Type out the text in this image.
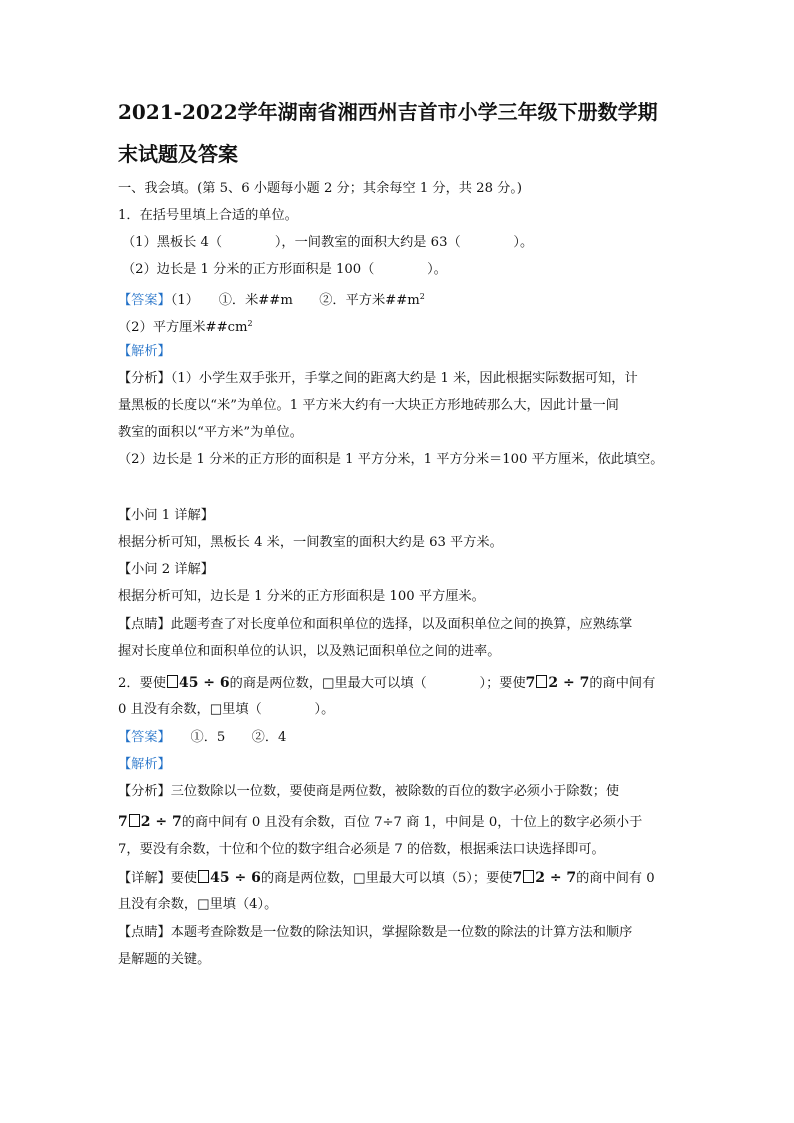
2021-2022学年湖南省湘西州吉首市小学三年级下册数学期
末试题及答案
一、我会填。(第 5、6 小题每小题 2 分；其余每空 1 分，共 28 分。)
1．在括号里填上合适的单位。
（1）黑板长 4（　　　　），一间教室的面积大约是 63（　　　　）。
（2）边长是 1 分米的正方形面积是 100（　　　　）。
【答案】（1）　　①．米##m　　②．平方米$\#\#m^2$
（2）平方厘米$\#\#cm^2$
【解析】
【分析】（1）小学生双手张开，手掌之间的距离大约是 1 米，因此根据实际数据可知，计
量黑板的长度以“米”为单位。1 平方米大约有一大块正方形地砖那么大，因此计量一间
教室的面积以“平方米”为单位。
（2）边长是 1 分米的正方形的面积是 1 平方分米，1 平方分米＝100 平方厘米，依此填空。
【小问 1 详解】
根据分析可知，黑板长 4 米，一间教室的面积大约是 63 平方米。
【小问 2 详解】
根据分析可知，边长是 1 分米的正方形面积是 100 平方厘米。
【点睛】此题考查了对长度单位和面积单位的选择，以及面积单位之间的换算，应熟练掌
握对长度单位和面积单位的认识，以及熟记面积单位之间的进率。
2．要使 45 ÷ 6的商是两位数，□里最大可以填（　　　　）；要使7 2 ÷ 7的商中间有
0 且没有余数，□里填（　　　　）。
【答案】　　①．5　　②．4
【解析】
【分析】三位数除以一位数，要使商是两位数，被除数的百位的数字必须小于除数；使
7 2 ÷ 7的商中间有 0 且没有余数，百位 7÷7 商 1，中间是 0，十位上的数字必须小于
7，要没有余数，十位和个位的数字组合必须是 7 的倍数，根据乘法口诀选择即可。
【详解】要使 45 ÷ 6的商是两位数，□里最大可以填（5）；要使7 2 ÷ 7的商中间有 0
且没有余数，□里填（4）。
【点睛】本题考查除数是一位数的除法知识，掌握除数是一位数的除法的计算方法和顺序
是解题的关键。
